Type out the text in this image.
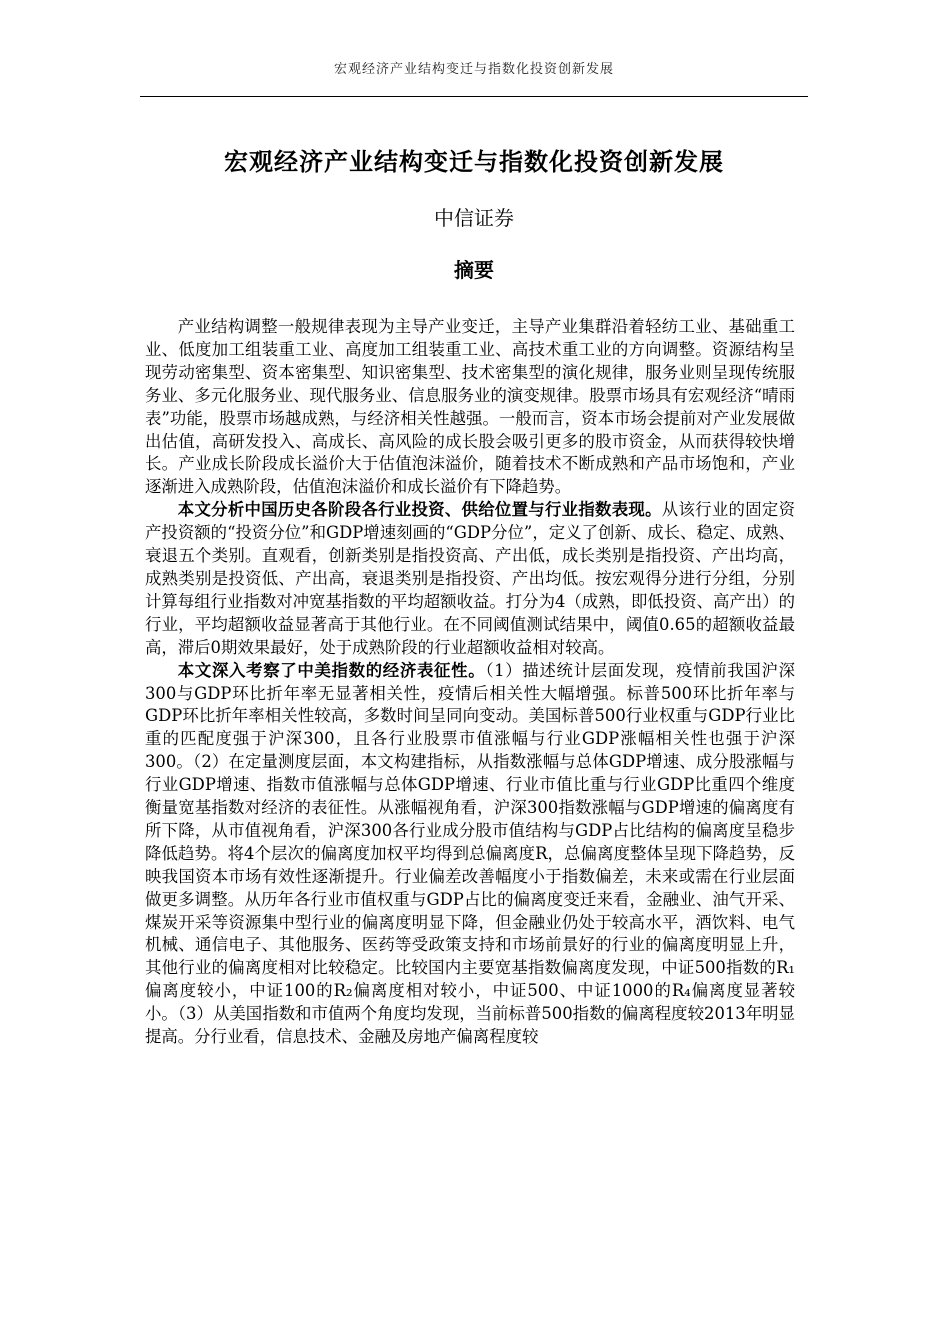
宏观经济产业结构变迁与指数化投资创新发展
宏观经济产业结构变迁与指数化投资创新发展
中信证券
摘要

产业结构调整一般规律表现为主导产业变迁，主导产业集群沿着轻纺工业、基础重工业、低度加工组装重工业、高度加工组装重工业、高技术重工业的方向调整。资源结构呈现劳动密集型、资本密集型、知识密集型、技术密集型的演化规律，服务业则呈现传统服务业、多元化服务业、现代服务业、信息服务业的演变规律。股票市场具有宏观经济“晴雨表”功能，股票市场越成熟，与经济相关性越强。一般而言，资本市场会提前对产业发展做出估值，高研发投入、高成长、高风险的成长股会吸引更多的股市资金，从而获得较快增长。产业成长阶段成长溢价大于估值泡沫溢价，随着技术不断成熟和产品市场饱和，产业逐渐进入成熟阶段，估值泡沫溢价和成长溢价有下降趋势。

本文分析中国历史各阶段各行业投资、供给位置与行业指数表现。从该行业的固定资产投资额的“投资分位”和GDP增速刻画的“GDP分位”，定义了创新、成长、稳定、成熟、衰退五个类别。直观看，创新类别是指投资高、产出低，成长类别是指投资、产出均高，成熟类别是投资低、产出高，衰退类别是指投资、产出均低。按宏观得分进行分组，分别计算每组行业指数对冲宽基指数的平均超额收益。打分为4（成熟，即低投资、高产出）的行业，平均超额收益显著高于其他行业。在不同阈值测试结果中，阈值0.65的超额收益最高，滞后0期效果最好，处于成熟阶段的行业超额收益相对较高。

本文深入考察了中美指数的经济表征性。（1）描述统计层面发现，疫情前我国沪深300与GDP环比折年率无显著相关性，疫情后相关性大幅增强。标普500环比折年率与GDP环比折年率相关性较高，多数时间呈同向变动。美国标普500行业权重与GDP行业比重的匹配度强于沪深300，且各行业股票市值涨幅与行业GDP涨幅相关性也强于沪深300。（2）在定量测度层面，本文构建指标，从指数涨幅与总体GDP增速、成分股涨幅与行业GDP增速、指数市值涨幅与总体GDP增速、行业市值比重与行业GDP比重四个维度衡量宽基指数对经济的表征性。从涨幅视角看，沪深300指数涨幅与GDP增速的偏离度有所下降，从市值视角看，沪深300各行业成分股市值结构与GDP占比结构的偏离度呈稳步降低趋势。将4个层次的偏离度加权平均得到总偏离度R，总偏离度整体呈现下降趋势，反映我国资本市场有效性逐渐提升。行业偏差改善幅度小于指数偏差，未来或需在行业层面做更多调整。从历年各行业市值权重与GDP占比的偏离度变迁来看，金融业、油气开采、煤炭开采等资源集中型行业的偏离度明显下降，但金融业仍处于较高水平，酒饮料、电气机械、通信电子、其他服务、医药等受政策支持和市场前景好的行业的偏离度明显上升，其他行业的偏离度相对比较稳定。比较国内主要宽基指数偏离度发现，中证500指数的R₁偏离度较小，中证100的R₂偏离度相对较小，中证500、中证1000的R₄偏离度显著较小。（3）从美国指数和市值两个角度均发现，当前标普500指数的偏离程度较2013年明显提高。分行业看，信息技术、金融及房地产偏离程度较
